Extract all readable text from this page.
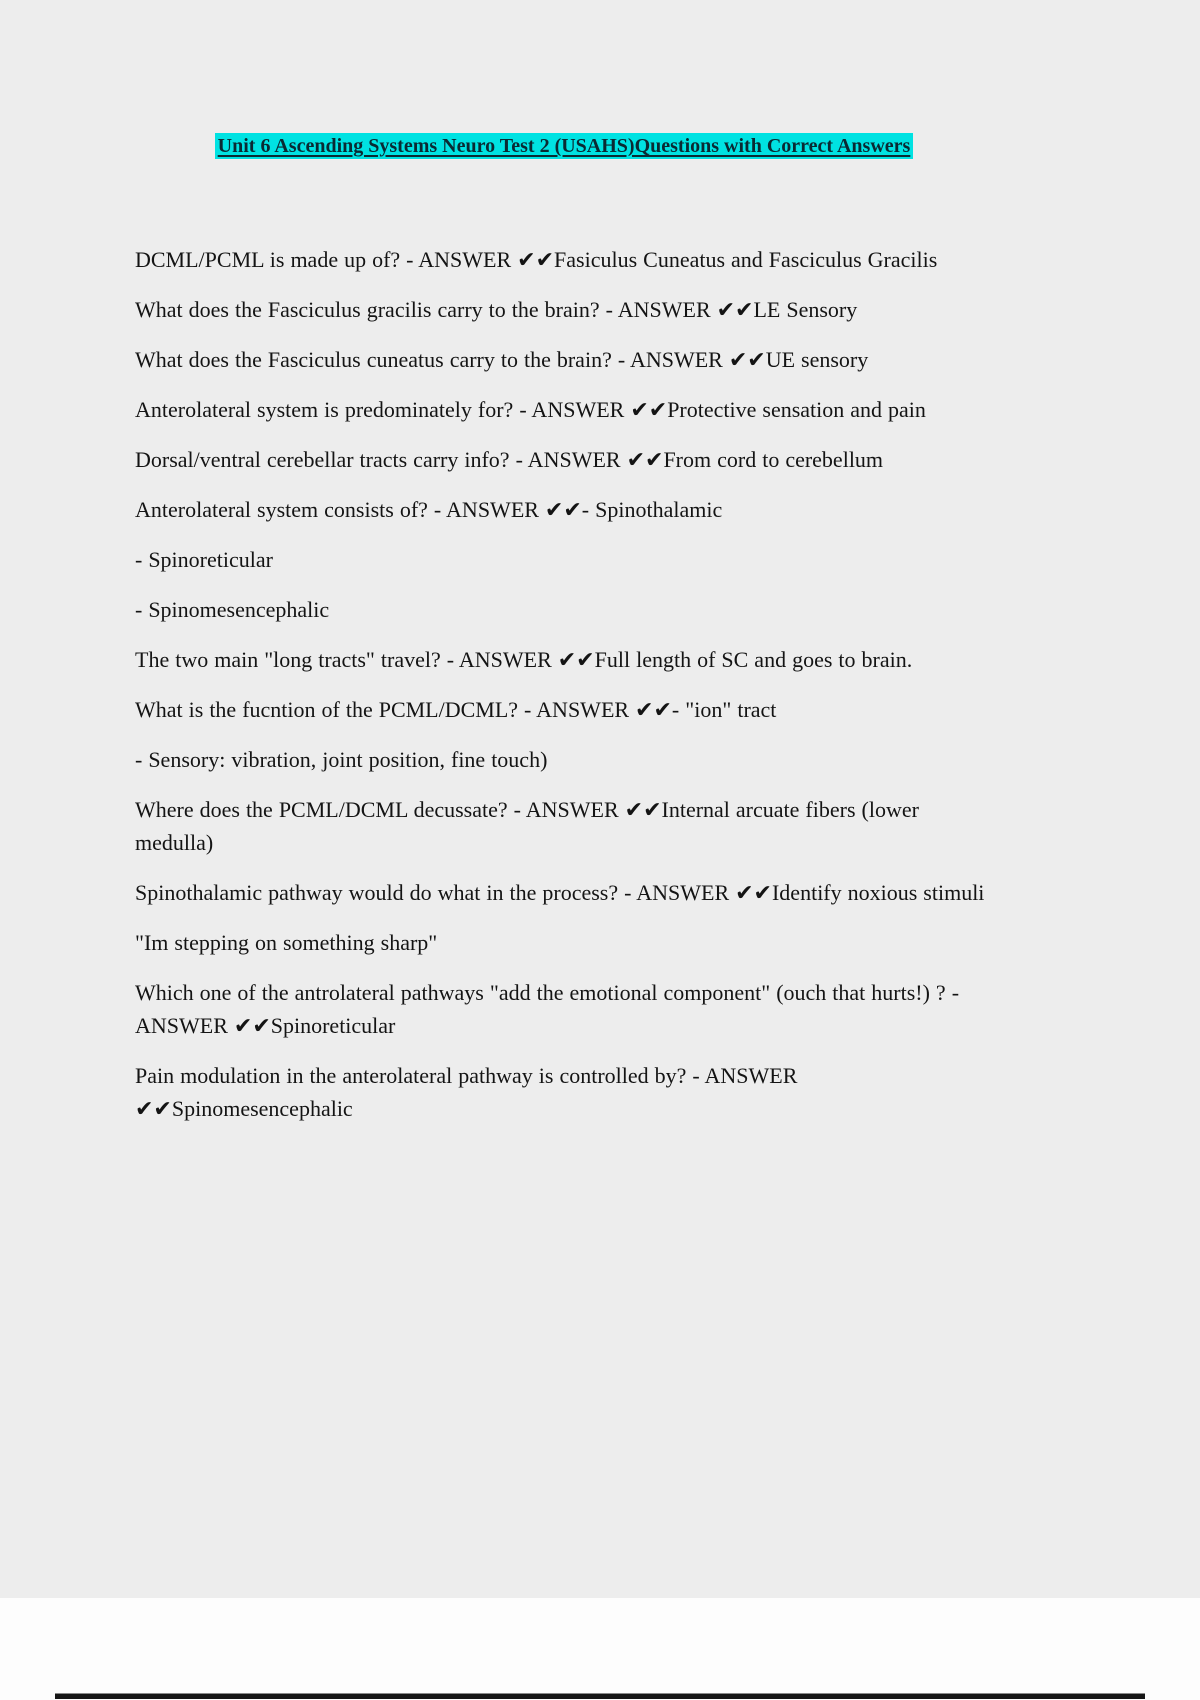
Unit 6 Ascending Systems Neuro Test 2 (USAHS)Questions with Correct Answers

DCML/PCML is made up of? - ANSWER ✔✔Fasiculus Cuneatus and Fasciculus Gracilis

What does the Fasciculus gracilis carry to the brain? - ANSWER ✔✔LE Sensory

What does the Fasciculus cuneatus carry to the brain? - ANSWER ✔✔UE sensory

Anterolateral system is predominately for? - ANSWER ✔✔Protective sensation and pain

Dorsal/ventral cerebellar tracts carry info? - ANSWER ✔✔From cord to cerebellum

Anterolateral system consists of? - ANSWER ✔✔- Spinothalamic

- Spinoreticular

- Spinomesencephalic

The two main "long tracts" travel? - ANSWER ✔✔Full length of SC and goes to brain.

What is the fucntion of the PCML/DCML? - ANSWER ✔✔- "ion" tract

- Sensory: vibration, joint position, fine touch)

Where does the PCML/DCML decussate? - ANSWER ✔✔Internal arcuate fibers (lower medulla)

Spinothalamic pathway would do what in the process? - ANSWER ✔✔Identify noxious stimuli

"Im stepping on something sharp"

Which one of the antrolateral pathways "add the emotional component" (ouch that hurts!) ? - ANSWER ✔✔Spinoreticular

Pain modulation in the anterolateral pathway is controlled by? - ANSWER ✔✔Spinomesencephalic
